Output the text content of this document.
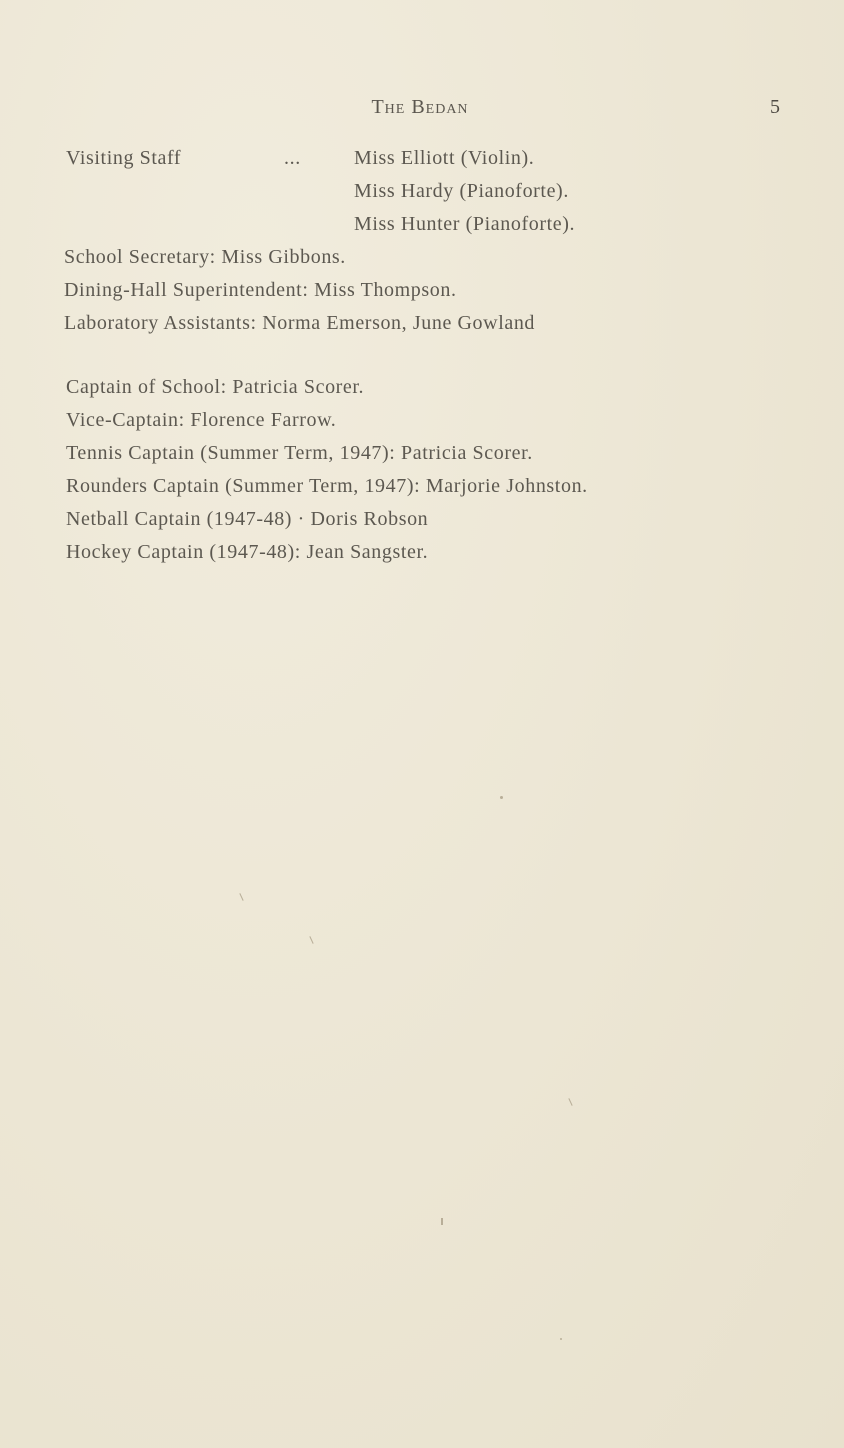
The Bedan	5
Visiting Staff	...	Miss Elliott (Violin).
Miss Hardy (Pianoforte).
Miss Hunter (Pianoforte).
School Secretary: Miss Gibbons.
Dining-Hall Superintendent: Miss Thompson.
Laboratory Assistants: Norma Emerson, June Gowland
Captain of School: Patricia Scorer.
Vice-Captain: Florence Farrow.
Tennis Captain (Summer Term, 1947): Patricia Scorer.
Rounders Captain (Summer Term, 1947): Marjorie Johnston.
Netball Captain (1947-48) · Doris Robson
Hockey Captain (1947-48): Jean Sangster.
